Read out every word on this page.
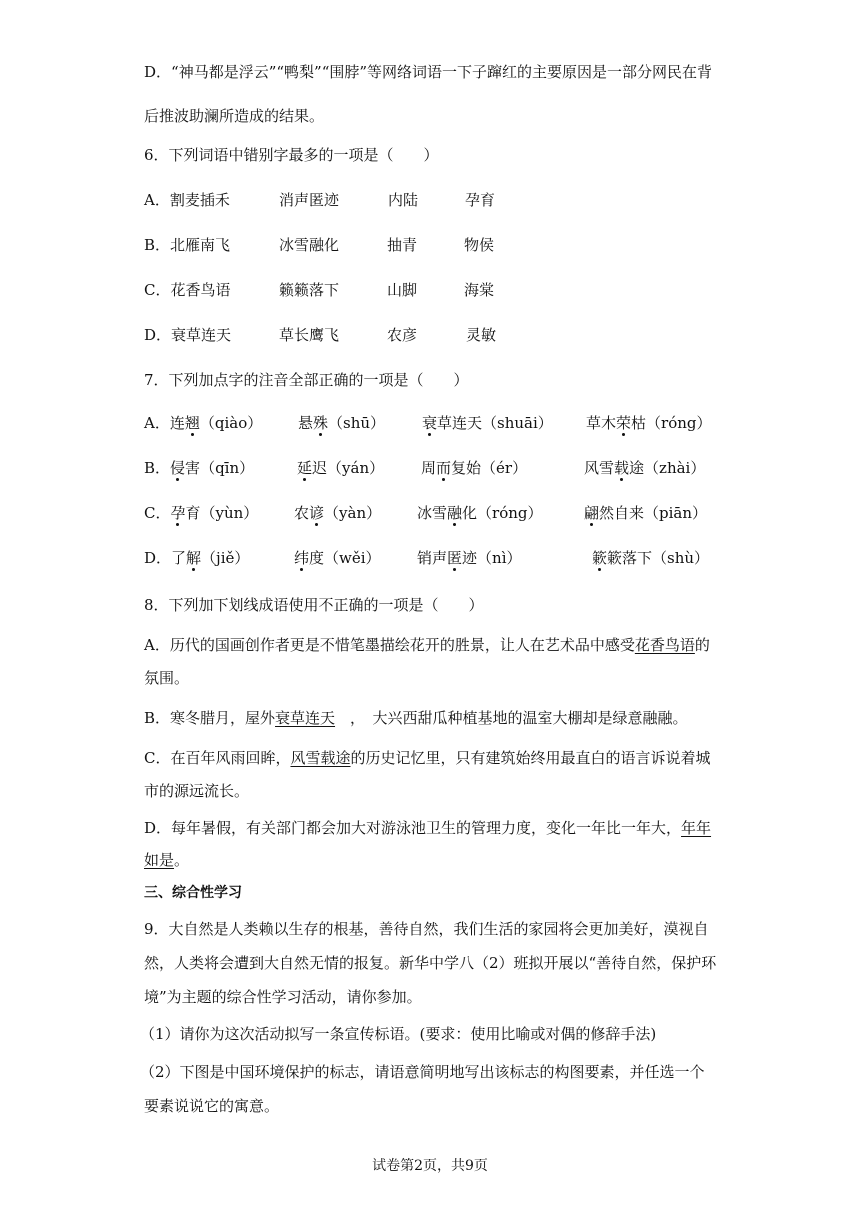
D．“神马都是浮云”“鸭梨”“围脖”等网络词语一下子蹿红的主要原因是一部分网民在背
后推波助澜所造成的结果。
6．下列词语中错别字最多的一项是（　　）
A．割麦插禾	消声匿迹	内陆	孕育
B．北雁南飞	冰雪融化	抽青	物侯
C．花香鸟语	籁籁落下	山脚	海棠
D．衰草连天	草长鹰飞	农彦	灵敏
7．下列加点字的注音全部正确的一项是（　　）
A．连翘（qiào） 悬殊（shū） 衰草连天（shuāi） 草木荣枯（róng）
B．侵害（qīn）	延迟（yán） 周而复始（ér）	风雪载途（zhài）
C．孕育（yùn） 农谚（yàn） 冰雪融化（róng）	翩然自来（piān）
D．了解（jiě）	纬度（wěi） 销声匿迹（nì）	簌簌落下（shù）
8．下列加下划线成语使用不正确的一项是（　　）
A．历代的国画创作者更是不惜笔墨描绘花开的胜景，让人在艺术品中感受花香鸟语的
氛围。
B．寒冬腊月，屋外衰草连天　，　大兴西甜瓜种植基地的温室大棚却是绿意融融。
C．在百年风雨回眸，风雪载途的历史记忆里，只有建筑始终用最直白的语言诉说着城
市的源远流长。
D．每年暑假，有关部门都会加大对游泳池卫生的管理力度，变化一年比一年大，年年
如是。
三、综合性学习
9．大自然是人类赖以生存的根基，善待自然，我们生活的家园将会更加美好，漠视自
然，人类将会遭到大自然无情的报复。新华中学八（2）班拟开展以“善待自然，保护环
境”为主题的综合性学习活动，请你参加。
（1）请你为这次活动拟写一条宣传标语。(要求：使用比喻或对偶的修辞手法)
（2）下图是中国环境保护的标志，请语意简明地写出该标志的构图要素，并任选一个
要素说说它的寓意。
试卷第2页，共9页
